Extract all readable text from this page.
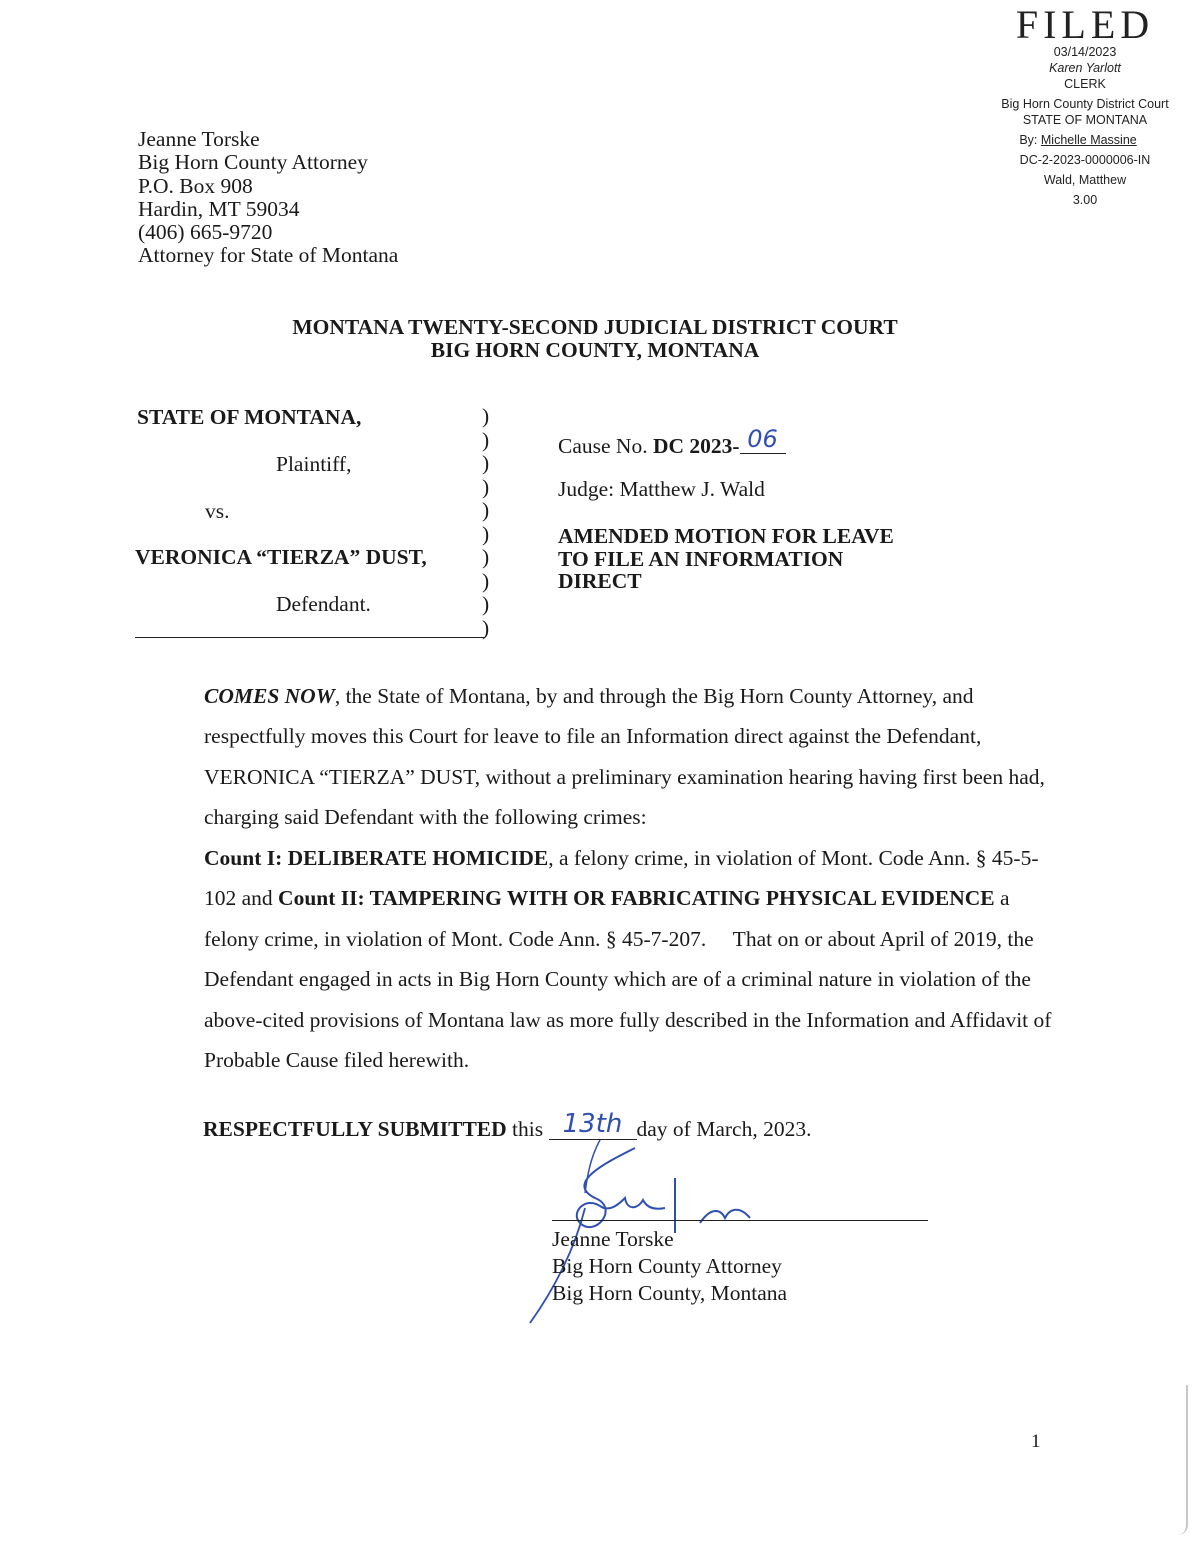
FILED
03/14/2023
Karen Yarlott
CLERK
Big Horn County District Court
STATE OF MONTANA
By: Michelle Massine
DC-2-2023-0000006-IN
Wald, Matthew
3.00
Jeanne Torske
Big Horn County Attorney
P.O. Box 908
Hardin, MT 59034
(406) 665-9720
Attorney for State of Montana
MONTANA TWENTY-SECOND JUDICIAL DISTRICT COURT
BIG HORN COUNTY, MONTANA
STATE OF MONTANA,
Plaintiff,
vs.
VERONICA “TIERZA” DUST,
Defendant.
)
)
)
)
)
)
)
)
)
)
Cause No. DC 2023- 06
Judge: Matthew J. Wald
AMENDED MOTION FOR LEAVE
TO FILE AN INFORMATION
DIRECT

COMES NOW, the State of Montana, by and through the Big Horn County Attorney, and respectfully moves this Court for leave to file an Information direct against the Defendant, VERONICA “TIERZA” DUST, without a preliminary examination hearing having first been had, charging said Defendant with the following crimes:

Count I: DELIBERATE HOMICIDE, a felony crime, in violation of Mont. Code Ann. § 45-5-102 and Count II: TAMPERING WITH OR FABRICATING PHYSICAL EVIDENCE a felony crime, in violation of Mont. Code Ann. § 45-7-207.  That on or about April of 2019, the Defendant engaged in acts in Big Horn County which are of a criminal nature in violation of the above-cited provisions of Montana law as more fully described in the Information and Affidavit of Probable Cause filed herewith.

RESPECTFULLY SUBMITTED this 13th day of March, 2023.
Jeanne Torske
Big Horn County Attorney
Big Horn County, Montana
1
